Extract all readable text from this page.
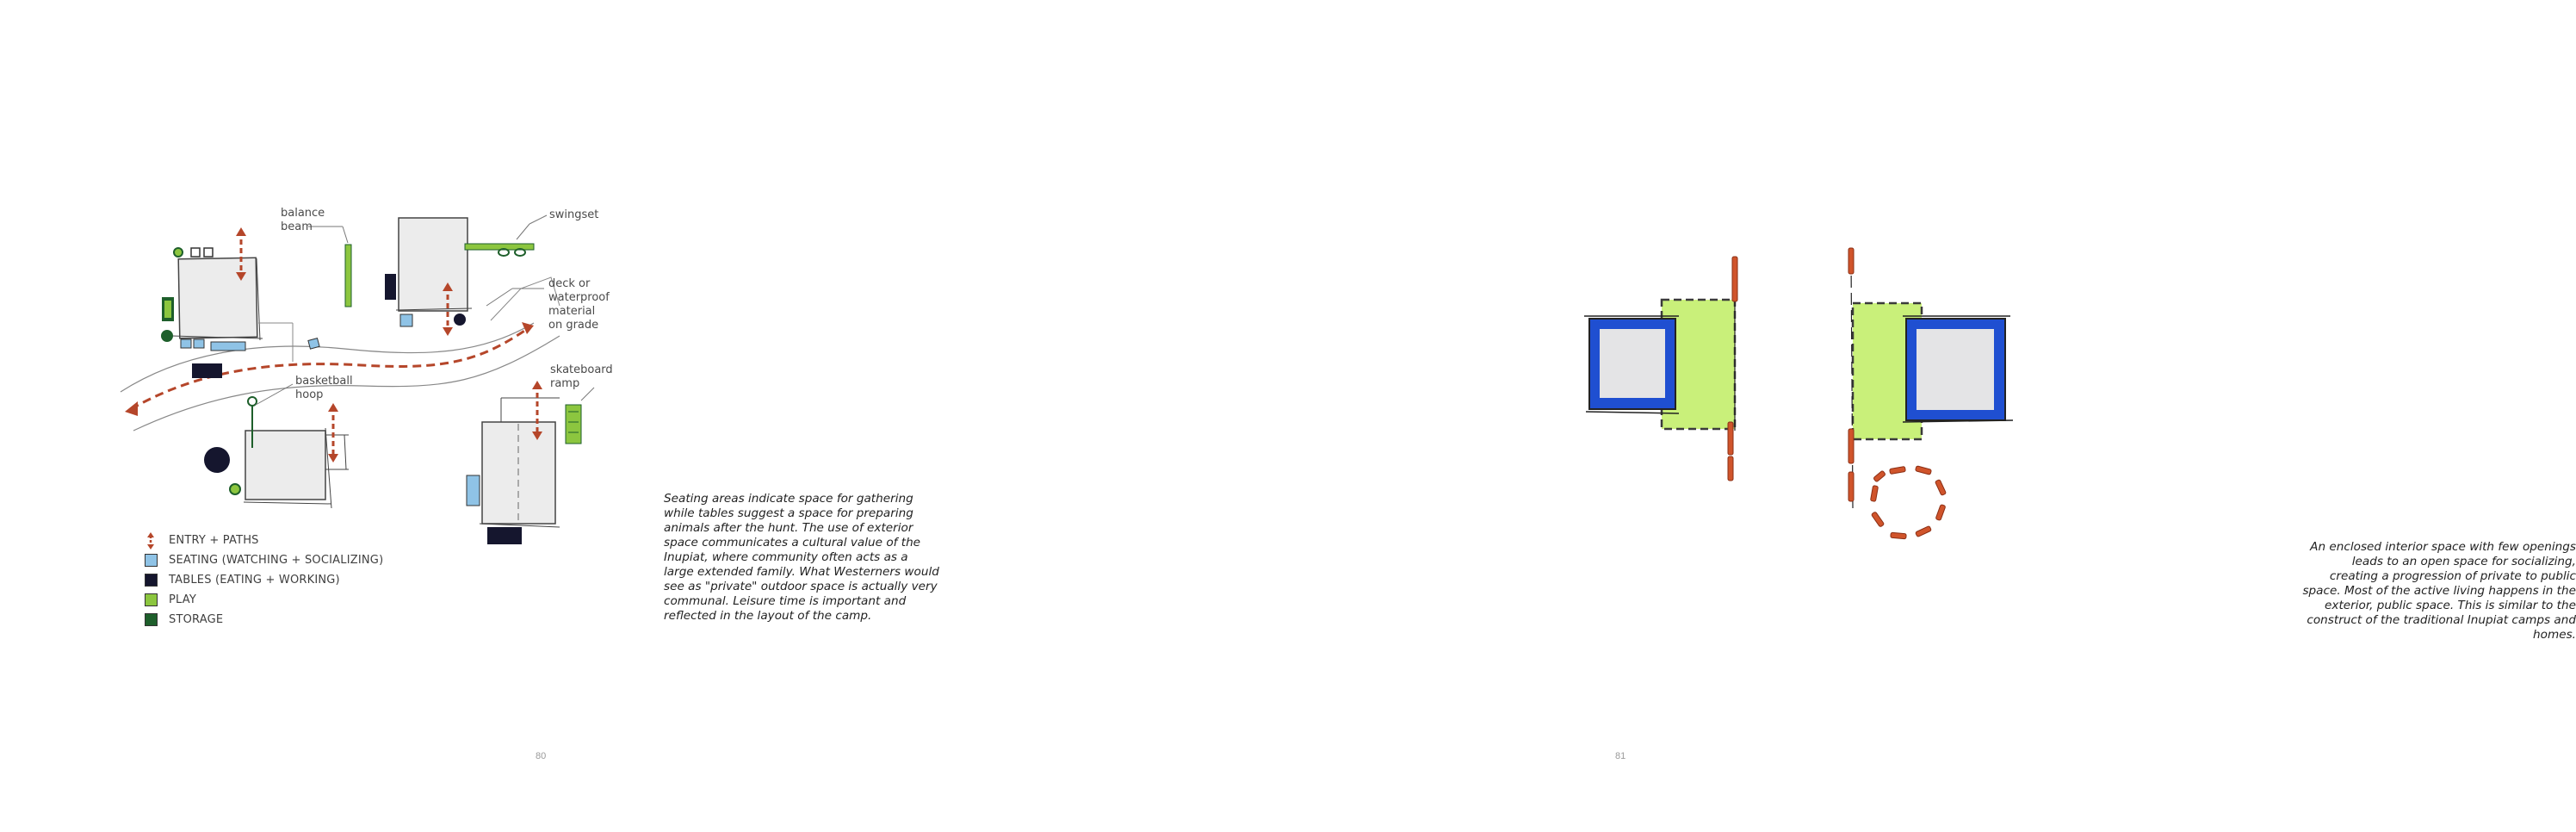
balance
beam
swingset
deck or
waterproof
material
on grade
basketball
hoop
skateboard
ramp
ENTRY + PATHS
SEATING (WATCHING + SOCIALIZING)
TABLES (EATING + WORKING)
PLAY
STORAGE
Seating areas indicate space for gathering while tables suggest a space for preparing animals after the hunt. The use of exterior space communicates a cultural value of the Inupiat, where community often acts as a large extended family. What Westerners would see as "private" outdoor space is actually very communal. Leisure time is important and reflected in the layout of the camp.
80
An enclosed interior space with few openings leads to an open space for socializing, creating a progression of private to public space. Most of the active living happens in the exterior, public space. This is similar to the construct of the traditional Inupiat camps and homes.
81
